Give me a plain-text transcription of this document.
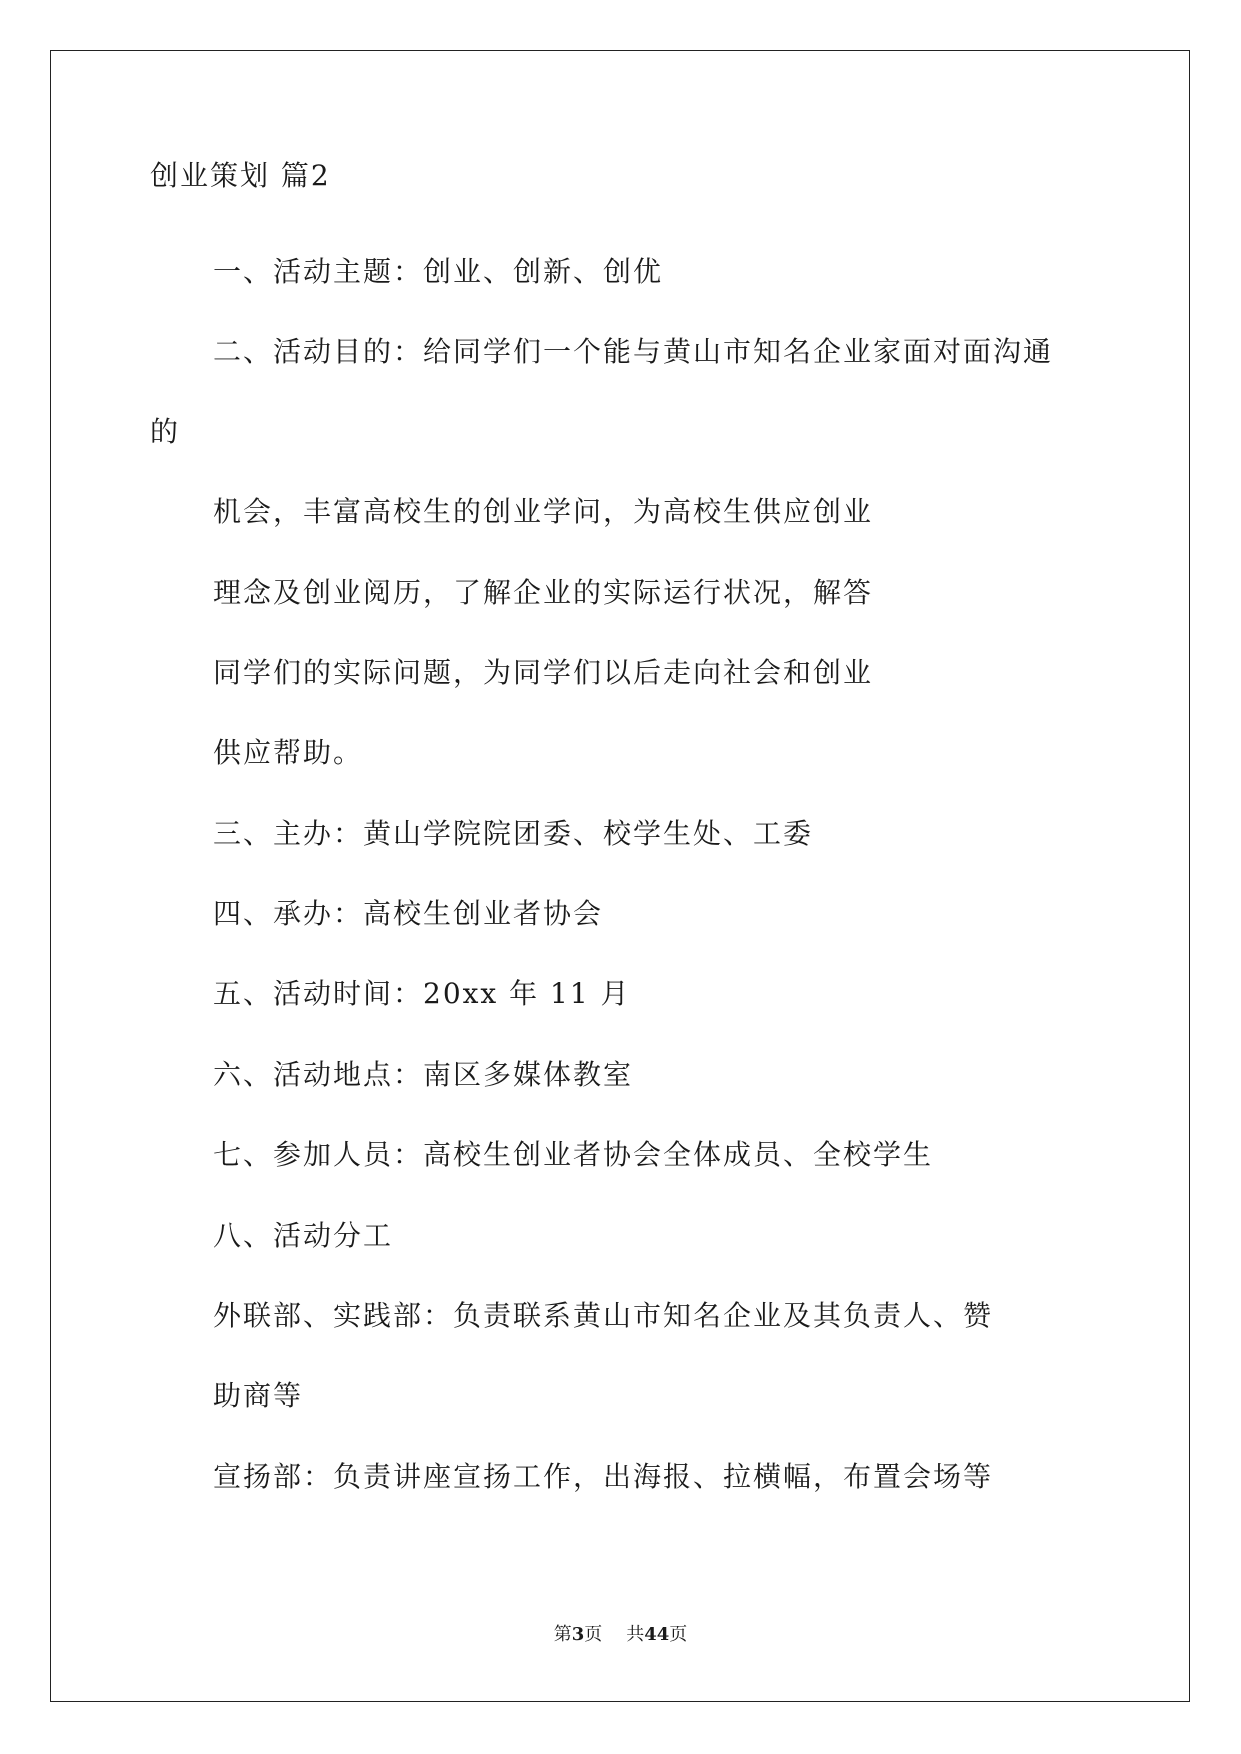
创业策划 篇2
一、活动主题：创业、创新、创优
二、活动目的：给同学们一个能与黄山市知名企业家面对面沟通
的
机会，丰富高校生的创业学问，为高校生供应创业
理念及创业阅历，了解企业的实际运行状况，解答
同学们的实际问题，为同学们以后走向社会和创业
供应帮助。
三、主办：黄山学院院团委、校学生处、工委
四、承办：高校生创业者协会
五、活动时间：20xx 年 11 月
六、活动地点：南区多媒体教室
七、参加人员：高校生创业者协会全体成员、全校学生
八、活动分工
外联部、实践部：负责联系黄山市知名企业及其负责人、赞
助商等
宣扬部：负责讲座宣扬工作，出海报、拉横幅，布置会场等
第3页 共44页
